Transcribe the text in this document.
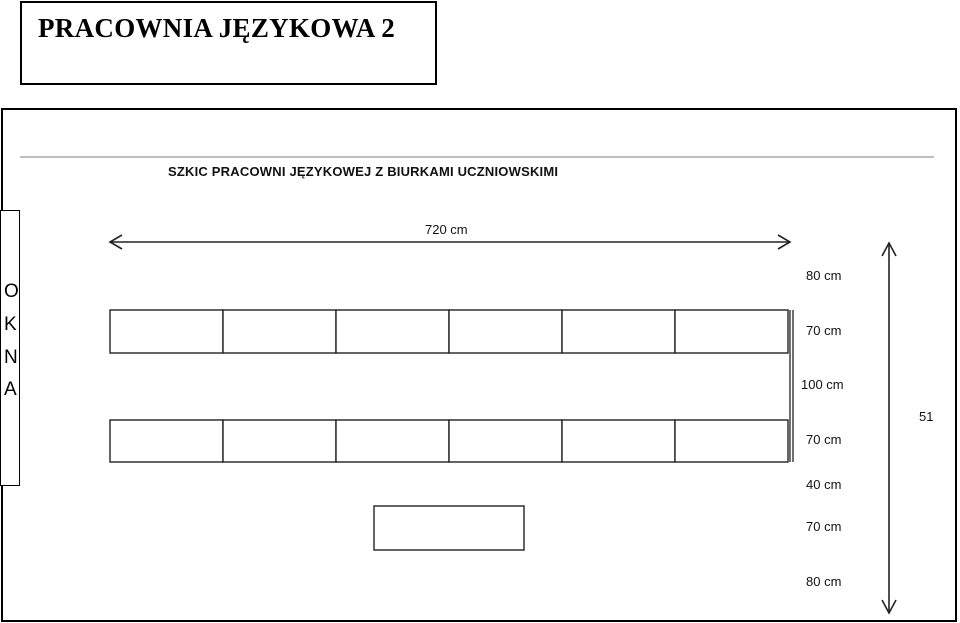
PRACOWNIA JĘZYKOWA 2
O
K
N
A
SZKIC PRACOWNI JĘZYKOWEJ Z BIURKAMI UCZNIOWSKIMI
720 cm
80 cm
70 cm
100 cm
70 cm
40 cm
70 cm
80 cm
51
